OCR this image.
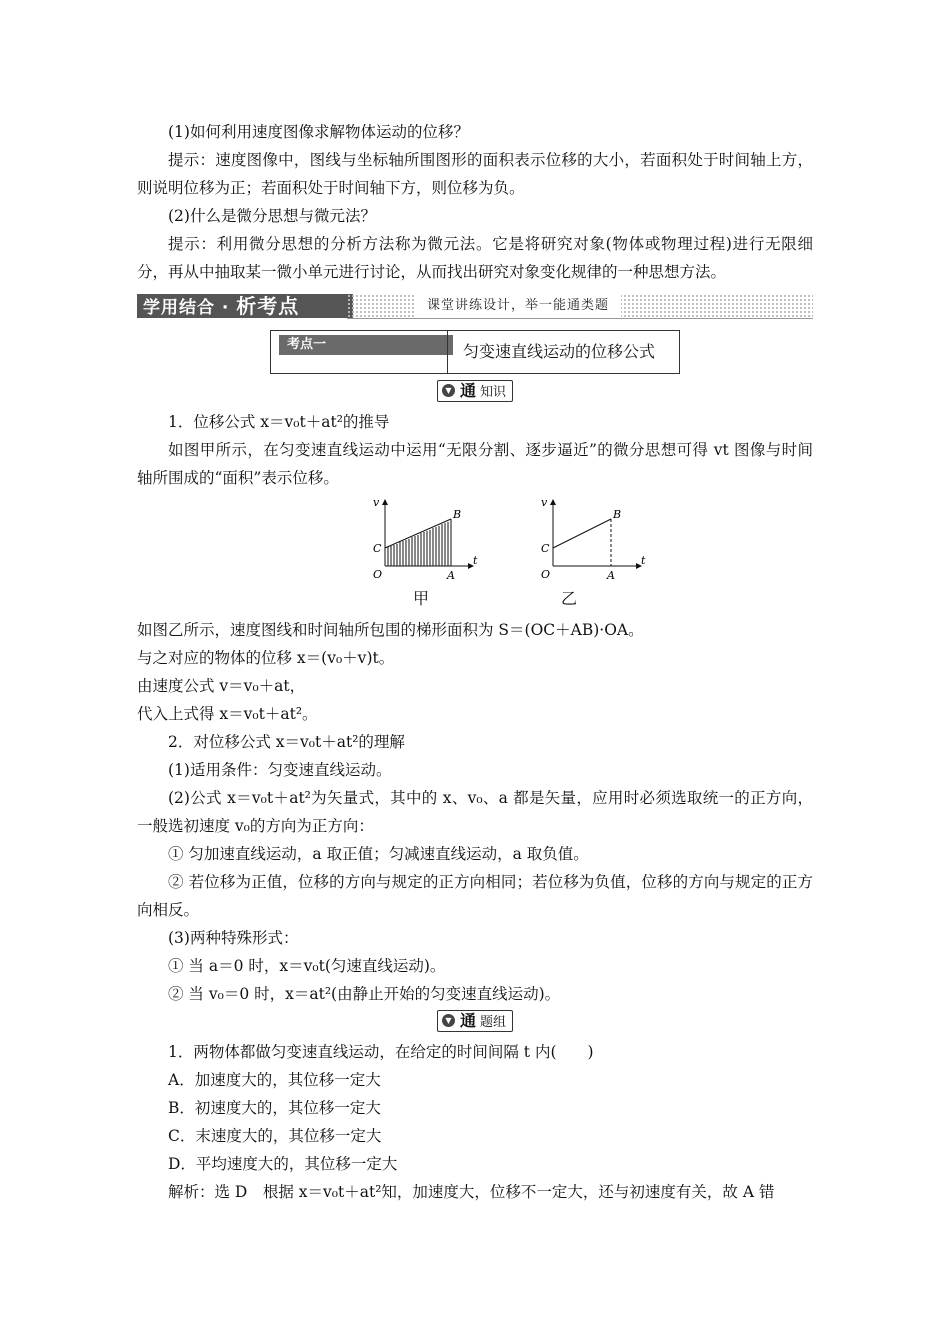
(1)如何利用速度图像求解物体运动的位移？

提示：速度图像中，图线与坐标轴所围图形的面积表示位移的大小，若面积处于时间轴上方，则说明位移为正；若面积处于时间轴下方，则位移为负。

(2)什么是微分思想与微元法？

提示：利用微分思想的分析方法称为微元法。它是将研究对象(物体或物理过程)进行无限细分，再从中抽取某一微小单元进行讨论，从而找出研究对象变化规律的一种思想方法。

学用结合 · 析考点	课堂讲练设计，举一能通类题
考点一	匀变速直线运动的位移公式
▼ 通 知识

1．位移公式 x＝v₀t＋at²的推导

如图甲所示，在匀变速直线运动中运用“无限分割、逐步逼近”的微分思想可得 vt 图像与时间轴所围成的“面积”表示位移。

v
t
O
C
B
A
甲
v
t
O
C
B
A
乙

如图乙所示，速度图线和时间轴所包围的梯形面积为 S＝(OC＋AB)·OA。

与之对应的物体的位移 x＝(v₀＋v)t。

由速度公式 v＝v₀＋at，

代入上式得 x＝v₀t＋at²。

2．对位移公式 x＝v₀t＋at²的理解

(1)适用条件：匀变速直线运动。

(2)公式 x＝v₀t＋at²为矢量式，其中的 x、v₀、a 都是矢量，应用时必须选取统一的正方向，一般选初速度 v₀的方向为正方向：

① 匀加速直线运动，a 取正值；匀减速直线运动，a 取负值。

② 若位移为正值，位移的方向与规定的正方向相同；若位移为负值，位移的方向与规定的正方向相反。

(3)两种特殊形式：

① 当 a＝0 时，x＝v₀t(匀速直线运动)。

② 当 v₀＝0 时，x＝at²(由静止开始的匀变速直线运动)。

▼ 通 题组

1．两物体都做匀变速直线运动，在给定的时间间隔 t 内(　　)

A．加速度大的，其位移一定大

B．初速度大的，其位移一定大

C．末速度大的，其位移一定大

D．平均速度大的，其位移一定大

解析：选 D　根据 x＝v₀t＋at²知，加速度大，位移不一定大，还与初速度有关，故 A 错
